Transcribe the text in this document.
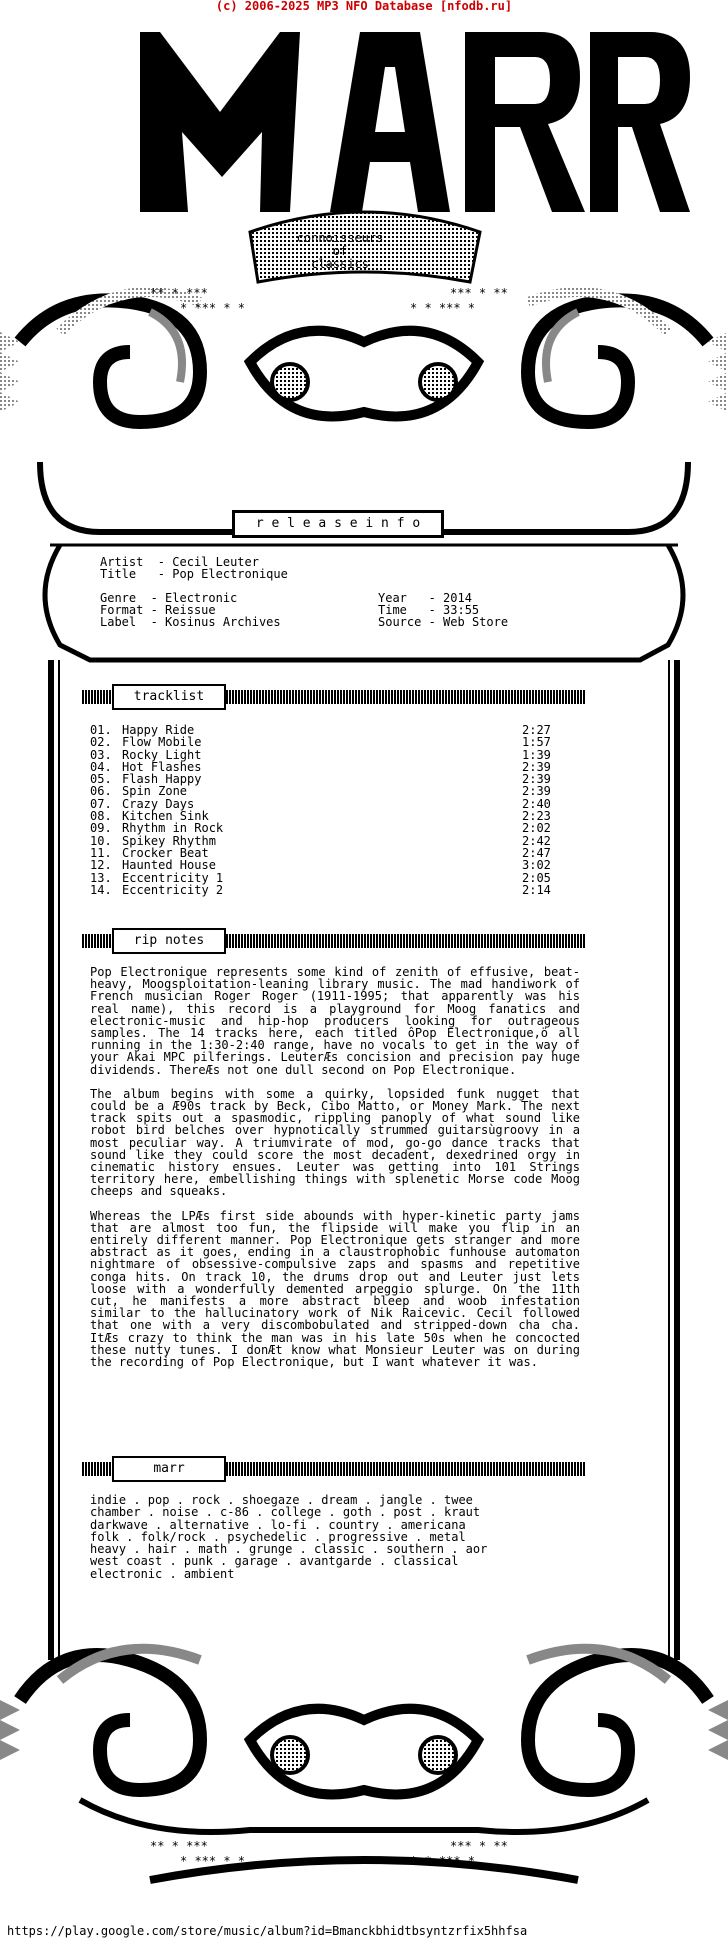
(c) 2006-2025 MP3 NFO Database [nfodb.ru]
** * ***
* *** * *
*** * **
* * *** *
connoisseurs
of
classics
r e l e a s e i n f o
Artist  - Cecil Leuter
Title   - Pop Electronique

Genre  - Electronic
Format - Reissue
Label  - Kosinus Archives
Year   - 2014
Time   - 33:55
Source - Web Store
tracklist
01. Happy Ride	2:27
02. Flow Mobile	1:57
03. Rocky Light	1:39
04. Hot Flashes	2:39
05. Flash Happy	2:39
06. Spin Zone	2:39
07. Crazy Days	2:40
08. Kitchen Sink	2:23
09. Rhythm in Rock	2:02
10. Spikey Rhythm	2:42
11. Crocker Beat	2:47
12. Haunted House	3:02
13. Eccentricity 1	2:05
14. Eccentricity 2	2:14
rip notes

Pop Electronique represents some kind of zenith of effusive, beat-heavy, Moogsploitation-leaning library music. The mad handiwork of French musician Roger Roger (1911-1995; that apparently was his real name), this record is a playground for Moog fanatics and electronic-music and hip-hop producers looking for outrageous samples. The 14 tracks here, each titled ôPop Electronique,ö all running in the 1:30-2:40 range, have no vocals to get in the way of your Akai MPC pilferings. LeuterÆs concision and precision pay huge dividends. ThereÆs not one dull second on Pop Electronique.

The album begins with some a quirky, lopsided funk nugget that could be a Æ90s track by Beck, Cibo Matto, or Money Mark. The next track spits out a spasmodic, rippling panoply of what sound like robot bird belches over hypnotically strummed guitarsùgroovy in a most peculiar way. A triumvirate of mod, go-go dance tracks that sound like they could score the most decadent, dexedrined orgy in cinematic history ensues. Leuter was getting into 101 Strings territory here, embellishing things with splenetic Morse code Moog cheeps and squeaks.

Whereas the LPÆs first side abounds with hyper-kinetic party jams that are almost too fun, the flipside will make you flip in an entirely different manner. Pop Electronique gets stranger and more abstract as it goes, ending in a claustrophobic funhouse automaton nightmare of obsessive-compulsive zaps and spasms and repetitive conga hits. On track 10, the drums drop out and Leuter just lets loose with a wonderfully demented arpeggio splurge. On the 11th cut, he manifests a more abstract bleep and woob infestation similar to the hallucinatory work of Nik Raicevic. Cecil followed that one with a very discombobulated and stripped-down cha cha. ItÆs crazy to think the man was in his late 50s when he concocted these nutty tunes. I donÆt know what Monsieur Leuter was on during the recording of Pop Electronique, but I want whatever it was.

marr
indie . pop . rock . shoegaze . dream . jangle . twee
chamber . noise . c-86 . college . goth . post . kraut
darkwave . alternative . lo-fi . country . americana
folk . folk/rock . psychedelic . progressive . metal
heavy . hair . math . grunge . classic . southern . aor
west coast . punk . garage . avantgarde . classical
electronic . ambient
** * ***
* *** * *
*** * **
* * *** *
https://play.google.com/store/music/album?id=Bmanckbhidtbsyntzrfix5hhfsa
